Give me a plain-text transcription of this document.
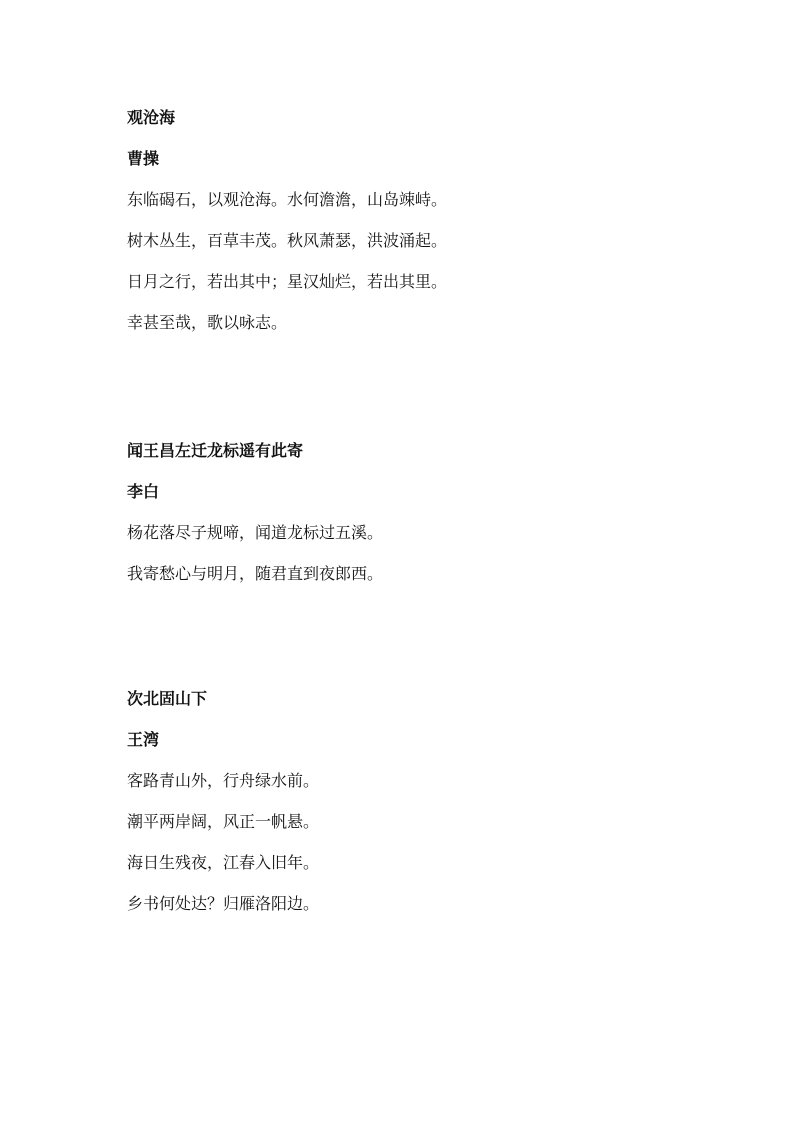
观沧海
曹操

东临碣石，以观沧海。水何澹澹，山岛竦峙。

树木丛生，百草丰茂。秋风萧瑟，洪波涌起。

日月之行，若出其中；星汉灿烂，若出其里。

幸甚至哉，歌以咏志。

闻王昌左迁龙标遥有此寄
李白

杨花落尽子规啼，闻道龙标过五溪。

我寄愁心与明月，随君直到夜郎西。

次北固山下
王湾

客路青山外，行舟绿水前。

潮平两岸阔，风正一帆悬。

海日生残夜，江春入旧年。

乡书何处达？归雁洛阳边。
